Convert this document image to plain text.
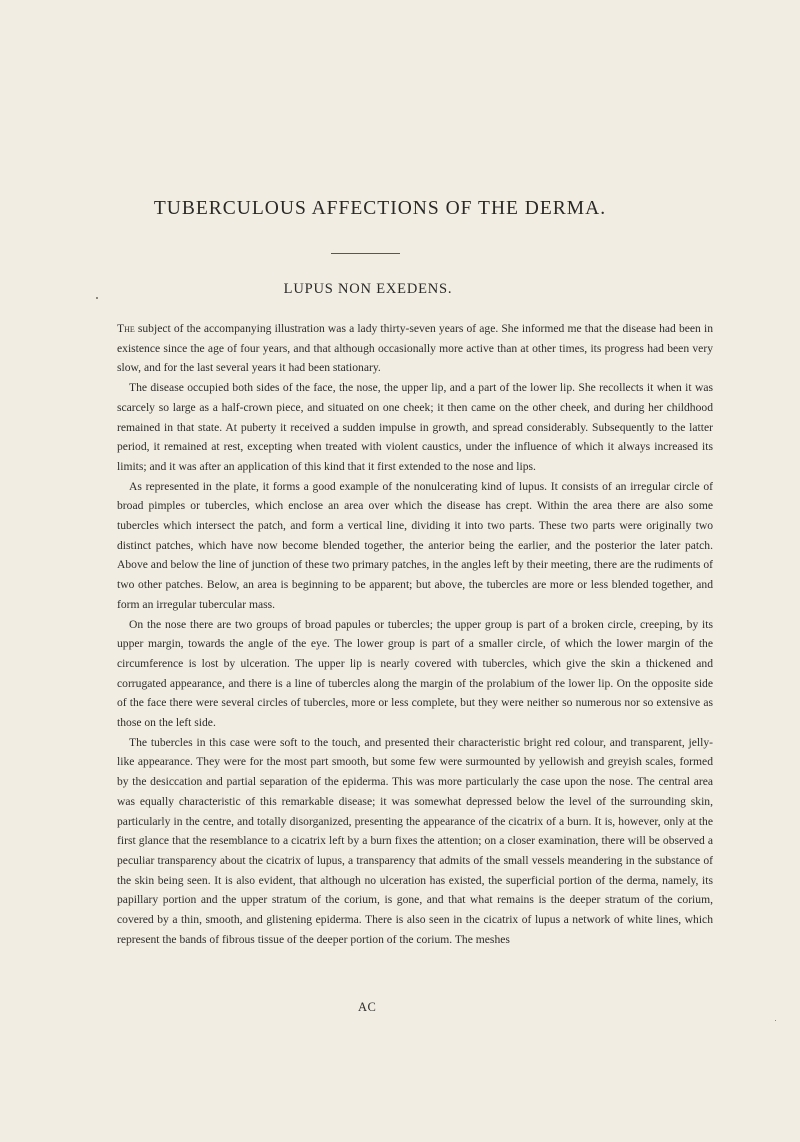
TUBERCULOUS AFFECTIONS OF THE DERMA.
LUPUS NON EXEDENS.

The subject of the accompanying illustration was a lady thirty-seven years of age. She informed me that the disease had been in existence since the age of four years, and that although occasionally more active than at other times, its progress had been very slow, and for the last several years it had been stationary.

The disease occupied both sides of the face, the nose, the upper lip, and a part of the lower lip. She recollects it when it was scarcely so large as a half-crown piece, and situated on one cheek; it then came on the other cheek, and during her childhood remained in that state. At puberty it received a sudden impulse in growth, and spread considerably. Subsequently to the latter period, it remained at rest, excepting when treated with violent caustics, under the influence of which it always increased its limits; and it was after an application of this kind that it first extended to the nose and lips.

As represented in the plate, it forms a good example of the nonulcerating kind of lupus. It consists of an irregular circle of broad pimples or tubercles, which enclose an area over which the disease has crept. Within the area there are also some tubercles which intersect the patch, and form a vertical line, dividing it into two parts. These two parts were originally two distinct patches, which have now become blended together, the anterior being the earlier, and the posterior the later patch. Above and below the line of junction of these two primary patches, in the angles left by their meeting, there are the rudiments of two other patches. Below, an area is beginning to be apparent; but above, the tubercles are more or less blended together, and form an irregular tubercular mass.

On the nose there are two groups of broad papules or tubercles; the upper group is part of a broken circle, creeping, by its upper margin, towards the angle of the eye. The lower group is part of a smaller circle, of which the lower margin of the circumference is lost by ulceration. The upper lip is nearly covered with tubercles, which give the skin a thickened and corrugated appearance, and there is a line of tubercles along the margin of the prolabium of the lower lip. On the opposite side of the face there were several circles of tubercles, more or less complete, but they were neither so numerous nor so extensive as those on the left side.

The tubercles in this case were soft to the touch, and presented their characteristic bright red colour, and transparent, jelly-like appearance. They were for the most part smooth, but some few were surmounted by yellowish and greyish scales, formed by the desiccation and partial separation of the epiderma. This was more particularly the case upon the nose. The central area was equally characteristic of this remarkable disease; it was somewhat depressed below the level of the surrounding skin, particularly in the centre, and totally disorganized, presenting the appearance of the cicatrix of a burn. It is, however, only at the first glance that the resemblance to a cicatrix left by a burn fixes the attention; on a closer examination, there will be observed a peculiar transparency about the cicatrix of lupus, a transparency that admits of the small vessels meandering in the substance of the skin being seen. It is also evident, that although no ulceration has existed, the superficial portion of the derma, namely, its papillary portion and the upper stratum of the corium, is gone, and that what remains is the deeper stratum of the corium, covered by a thin, smooth, and glistening epiderma. There is also seen in the cicatrix of lupus a network of white lines, which represent the bands of fibrous tissue of the deeper portion of the corium. The meshes

AC
